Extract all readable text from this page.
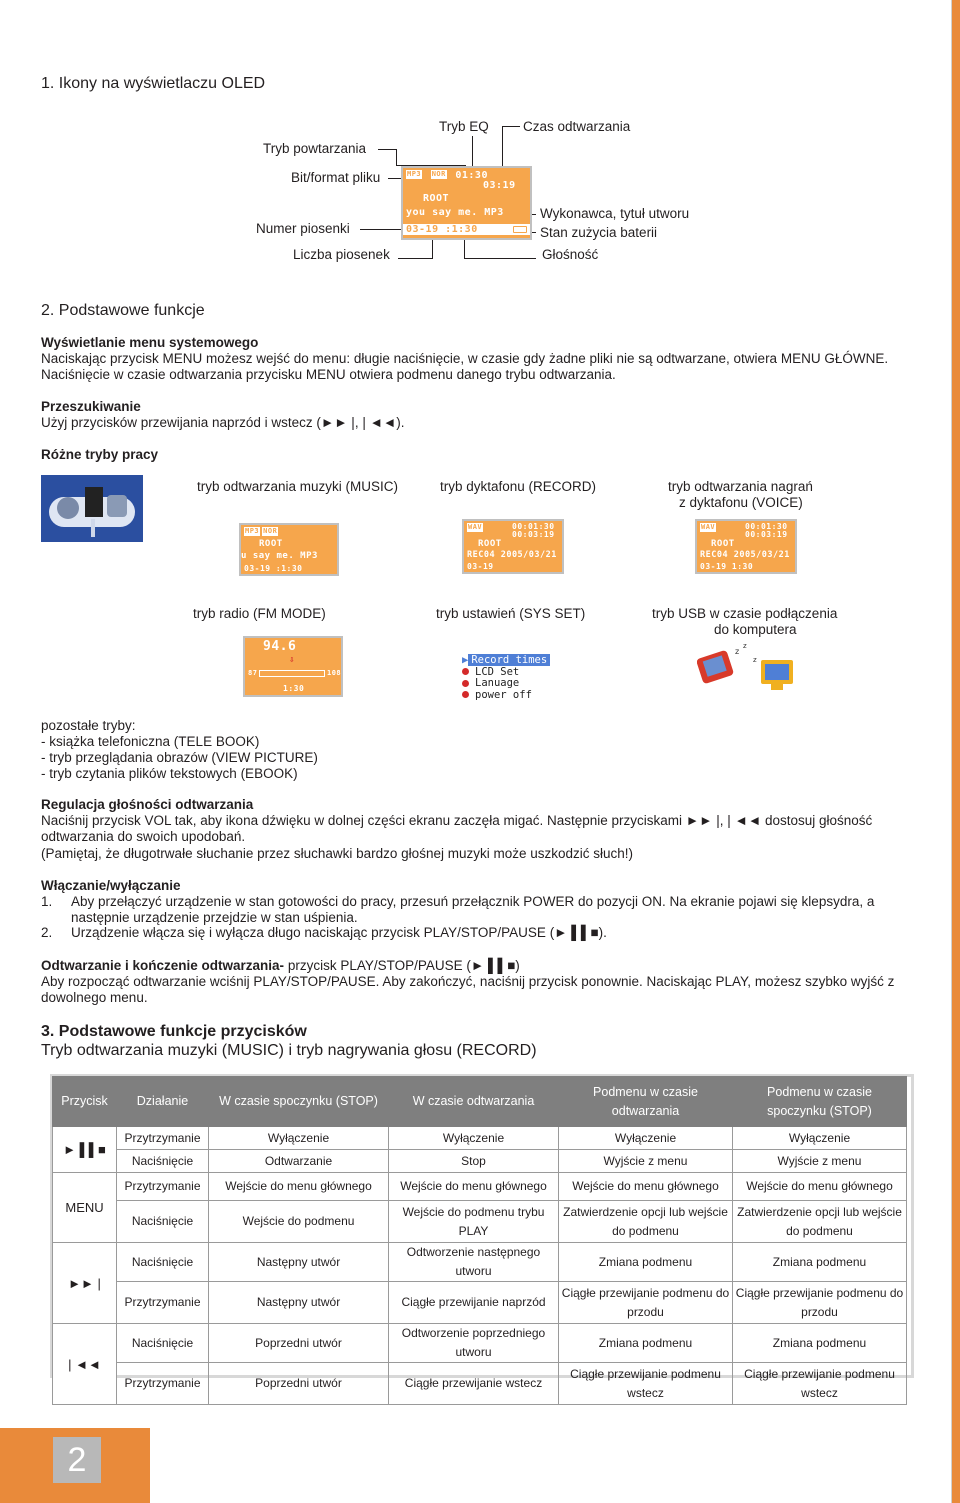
1. Ikony na wyświetlaczu OLED
Tryb EQ	Czas odtwarzania
Tryb powtarzania
Bit/format pliku
Numer piosenki
Liczba piosenek
Wykonawca, tytuł utworu
Stan zużycia baterii
Głośność
MP3 NOR 01:30
03:19
ROOT
you say me. MP3
03-19 :1:30
2. Podstawowe funkcje
Wyświetlanie menu systemowego
Naciskając przycisk MENU możesz wejść do menu: długie naciśnięcie, w czasie gdy żadne pliki nie są odtwarzane, otwiera MENU GŁÓWNE. Naciśnięcie w czasie odtwarzania przycisku MENU otwiera podmenu danego trybu odtwarzania.
Przeszukiwanie
Użyj przycisków przewijania naprzód i wstecz (►► |, | ◄◄).
Różne tryby pracy
tryb odtwarzania muzyki (MUSIC)	tryb dyktafonu (RECORD)	tryb odtwarzania nagrań
z dyktafonu (VOICE)
MP3 NOR
ROOT
u say me. MP3
03-19 :1:30
WAV	00:01:30
00:03:19
ROOT
REC04 2005/03/21
03-19
WAV	00:01:30
00:03:19
ROOT
REC04 2005/03/21
03-19 1:30
tryb radio (FM MODE)	tryb ustawień (SYS SET)	tryb USB w czasie podłączenia
do komputera
94.6
⇩
87	108
1:30
▶ Record times
LCD Set
Lanuage
power off
z
z
z
pozostałe tryby:
- książka telefoniczna (TELE BOOK)
- tryb przeglądania obrazów (VIEW PICTURE)
- tryb czytania plików tekstowych (EBOOK)
Regulacja głośności odtwarzania
Naciśnij przycisk VOL tak, aby ikona dźwięku w dolnej części ekranu zaczęła migać. Następnie przyciskami ►► |, | ◄◄ dostosuj głośność odtwarzania do swoich upodobań.
(Pamiętaj, że długotrwałe słuchanie przez słuchawki bardzo głośnej muzyki może uszkodzić słuch!)
Włączanie/wyłączanie
1. Aby przełączyć urządzenie w stan gotowości do pracy, przesuń przełącznik POWER do pozycji ON. Na ekranie pojawi się klepsydra, a następnie urządzenie przejdzie w stan uśpienia.
2. Urządzenie włącza się i wyłącza długo naciskając przycisk PLAY/STOP/PAUSE (► ▌▌■).
Odtwarzanie i kończenie odtwarzania- przycisk PLAY/STOP/PAUSE (► ▌▌■)
Aby rozpocząć odtwarzanie wciśnij PLAY/STOP/PAUSE. Aby zakończyć, naciśnij przycisk ponownie. Naciskając PLAY, możesz szybko wyjść z dowolnego menu.
3. Podstawowe funkcje przycisków
Tryb odtwarzania muzyki (MUSIC) i tryb nagrywania głosu (RECORD)
Przycisk	Działanie	W czasie spoczynku (STOP)	W czasie odtwarzania	Podmenu w czasie odtwarzania	Podmenu w czasie spoczynku (STOP)
► ▌▌■	Przytrzymanie	Wyłączenie	Wyłączenie	Wyłączenie	Wyłączenie
	Naciśnięcie	Odtwarzanie	Stop	Wyjście z menu	Wyjście z menu
MENU	Przytrzymanie	Wejście do menu głównego	Wejście do menu głównego	Wejście do menu głównego	Wejście do menu głównego
	Naciśnięcie	Wejście do podmenu	Wejście do podmenu trybu PLAY	Zatwierdzenie opcji lub wejście do podmenu	Zatwierdzenie opcji lub wejście do podmenu
►► |	Naciśnięcie	Następny utwór	Odtworzenie następnego utworu	Zmiana podmenu	Zmiana podmenu
	Przytrzymanie	Następny utwór	Ciągłe przewijanie naprzód	Ciągłe przewijanie podmenu do przodu	Ciągłe przewijanie podmenu do przodu
| ◄◄	Naciśnięcie	Poprzedni utwór	Odtworzenie poprzedniego utworu	Zmiana podmenu	Zmiana podmenu
	Przytrzymanie	Poprzedni utwór	Ciągłe przewijanie wstecz	Ciągłe przewijanie podmenu wstecz	Ciągłe przewijanie podmenu wstecz
2
